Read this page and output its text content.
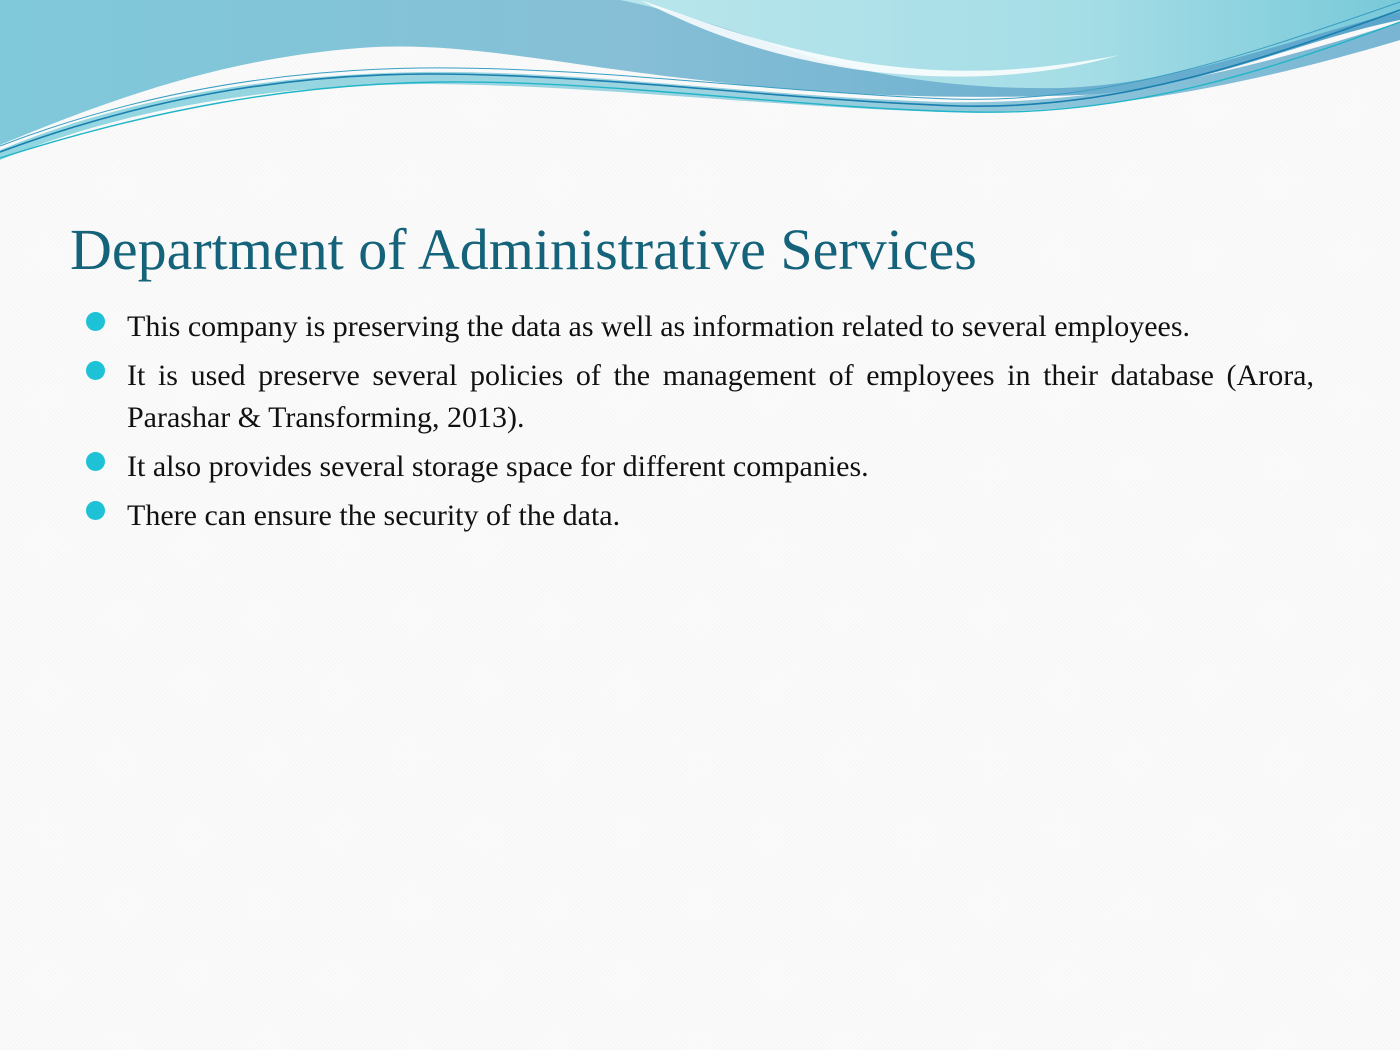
Department of Administrative Services
This company is preserving the data as well as information related to several employees.
It is used preserve several policies of the management of employees in their database (Arora, Parashar & Transforming, 2013).
It also provides several storage space for different companies.
There can ensure the security of the data.
